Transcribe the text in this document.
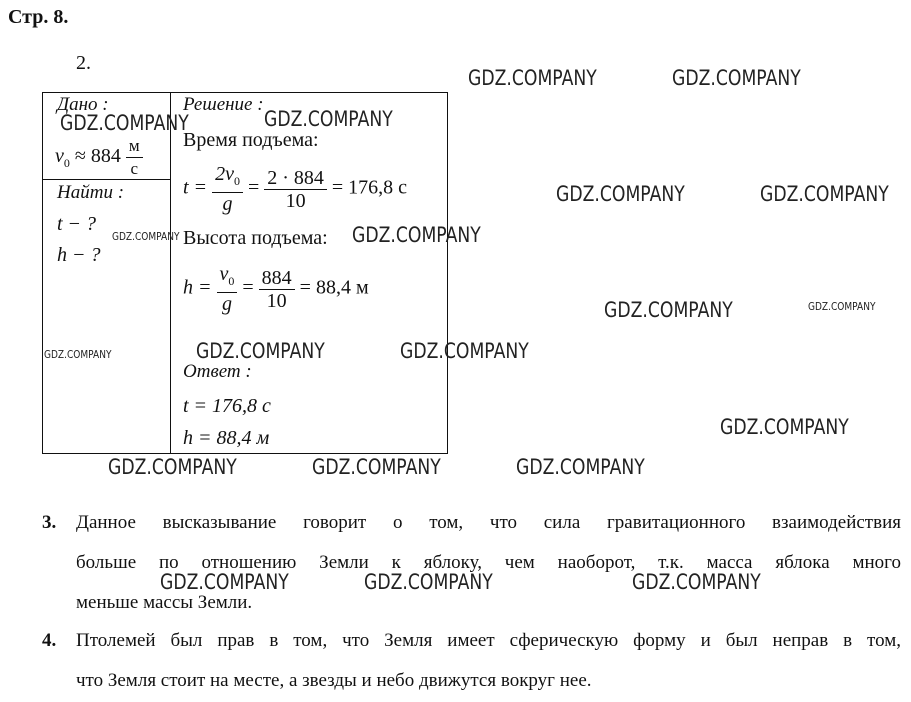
Стр. 8.
2.
Дано :
$v_0 \approx 884 \frac{м}{с}$
Найти :
t − ?
h − ?
Решение :
Время подъема:
$t = \frac{2v_0}{g} = \frac{2 \cdot 884}{10} = 176,8$ с
Высота подъема:
$h = \frac{v_0}{g} = \frac{884}{10} = 88,4$ м
Ответ :
t = 176,8 с
h = 88,4 м
3. Данное высказывание говорит о том, что сила гравитационного взаимодействия
больше по отношению Земли к яблоку, чем наоборот, т.к. масса яблока много
меньше массы Земли.
4. Птолемей был прав в том, что Земля имеет сферическую форму и был неправ в том,
что Земля стоит на месте, а звезды и небо движутся вокруг нее.
GDZ.COMPANY	GDZ.COMPANY
GDZ.COMPANY	GDZ.COMPANY
GDZ.COMPANY	GDZ.COMPANY
GDZ.COMPANY	GDZ.COMPANY
GDZ.COMPANY	GDZ.COMPANY
GDZ.COMPANY	GDZ.COMPANY	GDZ.COMPANY
GDZ.COMPANY
GDZ.COMPANY	GDZ.COMPANY	GDZ.COMPANY
GDZ.COMPANY	GDZ.COMPANY	GDZ.COMPANY
